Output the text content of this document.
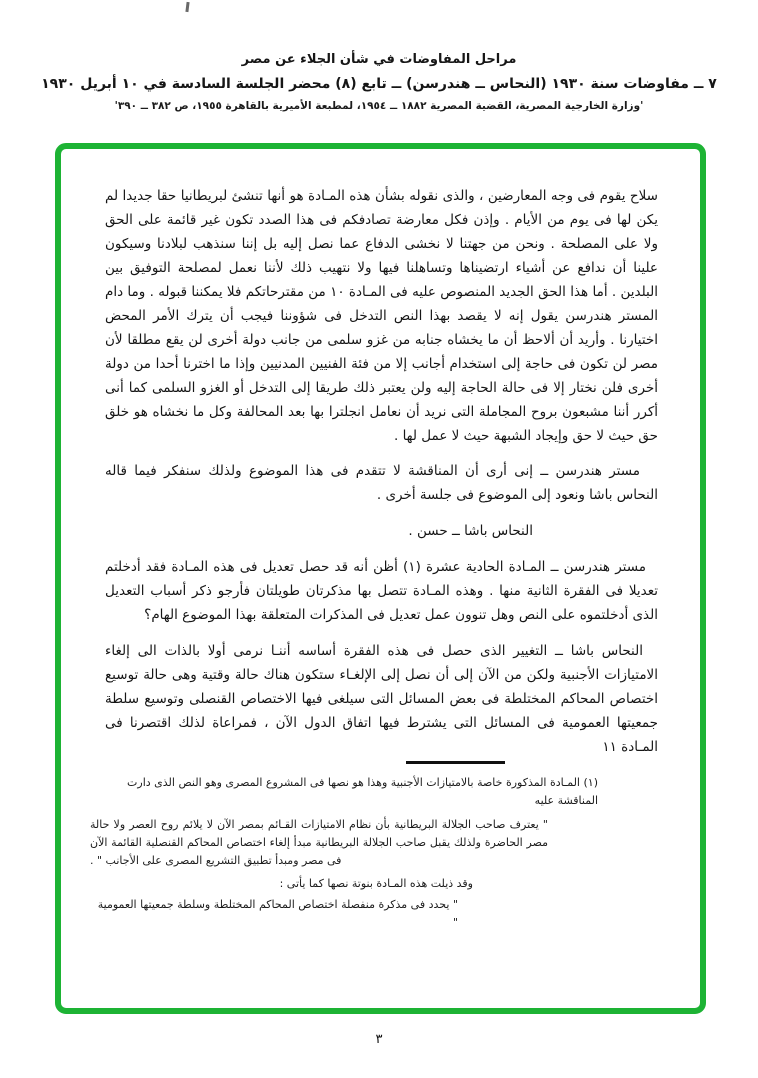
مراحل المفاوضات في شأن الجلاء عن مصر
٧ ــ مفاوضات سنة ١٩٣٠ (النحاس ــ هندرسن) ــ تابع (٨) محضر الجلسة السادسة في ١٠ أبريل ١٩٣٠
'وزارة الخارجية المصرية، القضية المصرية ١٨٨٢ ــ ١٩٥٤، لمطبعة الأميرية بالقاهرة ١٩٥٥، ص ٣٨٢ ــ ٣٩٠'

سلاح يقوم فى وجه المعارضين ، والذى نقوله بشأن هذه المـادة هو أنها تنشئ لبريطانيا حقا جديدا لم يكن لها فى يوم من الأيام . وإذن فكل معارضة تصادفكم فى هذا الصدد تكون غير قائمة على الحق ولا على المصلحة . ونحن من جهتنا لا نخشى الدفاع عما نصل إليه بل إننا سنذهب لبلادنا وسيكون علينا أن ندافع عن أشياء ارتضيناها وتساهلنا فيها ولا نتهيب ذلك لأننا نعمل لمصلحة التوفيق بين البلدين . أما هذا الحق الجديد المنصوص عليه فى المـادة ١٠ من مقترحاتكم فلا يمكننا قبوله . وما دام المستر هندرسن يقول إنه لا يقصد بهذا النص التدخل فى شؤوننا فيجب أن يترك الأمر المحض اختيارنا . وأريد أن ألاحظ أن ما يخشاه جنابه من غزو سلمى من جانب دولة أخرى لن يقع مطلقا لأن مصر لن تكون فى حاجة إلى استخدام أجانب إلا من فئة الفنيين المدنيين وإذا ما اخترنا أحدا من دولة أخرى فلن نختار إلا فى حالة الحاجة إليه ولن يعتبر ذلك طريقا إلى التدخل أو الغزو السلمى كما أنى أكرر أننا مشبعون بروح المجاملة التى نريد أن نعامل انجلترا بها بعد المحالفة وكل ما نخشاه هو خلق حق حيث لا حق وإيجاد الشبهة حيث لا عمل لها .

مستر هندرسن ــ إنى أرى أن المناقشة لا تتقدم فى هذا الموضوع ولذلك سنفكر فيما قاله النحاس باشا ونعود إلى الموضوع فى جلسة أخرى .

النحاس باشا ــ حسن .

مستر هندرسن ــ المـادة الحادية عشرة (١) أظن أنه قد حصل تعديل فى هذه المـادة فقد أدخلتم تعديلا فى الفقرة الثانية منها . وهذه المـادة تتصل بها مذكرتان طويلتان فأرجو ذكر أسباب التعديل الذى أدخلتموه على النص وهل تنوون عمل تعديل فى المذكرات المتعلقة بهذا الموضوع الهام؟

النحاس باشا ــ التغيير الذى حصل فى هذه الفقرة أساسه أننـا نرمى أولا بالذات الى إلغاء الامتيازات الأجنبية ولكن من الآن إلى أن نصل إلى الإلغـاء ستكون هناك حالة وقتية وهى حالة توسيع اختصاص المحاكم المختلطة فى بعض المسائل التى سيلغى فيها الاختصاص القنصلى وتوسيع سلطة جمعيتها العمومية فى المسائل التى يشترط فيها اتفاق الدول الآن ، فمراعاة لذلك اقتصرنا فى المـادة ١١

(١) المـادة المذكورة خاصة بالامتيازات الأجنبية وهذا هو نصها فى المشروع المصرى وهو النص الذى دارت المناقشة عليه
" يعترف صاحب الجلالة البريطانية بأن نظام الامتيازات القـائم بمصر الآن لا يلائم روح العصر ولا حالة مصر الحاضرة ولذلك يقبل صاحب الجلالة البريطانية مبدأ إلغاء اختصاص المحاكم القنصلية القائمة الآن فى مصر ومبدأ تطبيق التشريع المصرى على الأجانب " .
وقد ذيلت هذه المـادة بنوتة نصها كما يأتى :
" يحدد فى مذكرة منفصلة اختصاص المحاكم المختلطة وسلطة جمعيتها العمومية "
٣
